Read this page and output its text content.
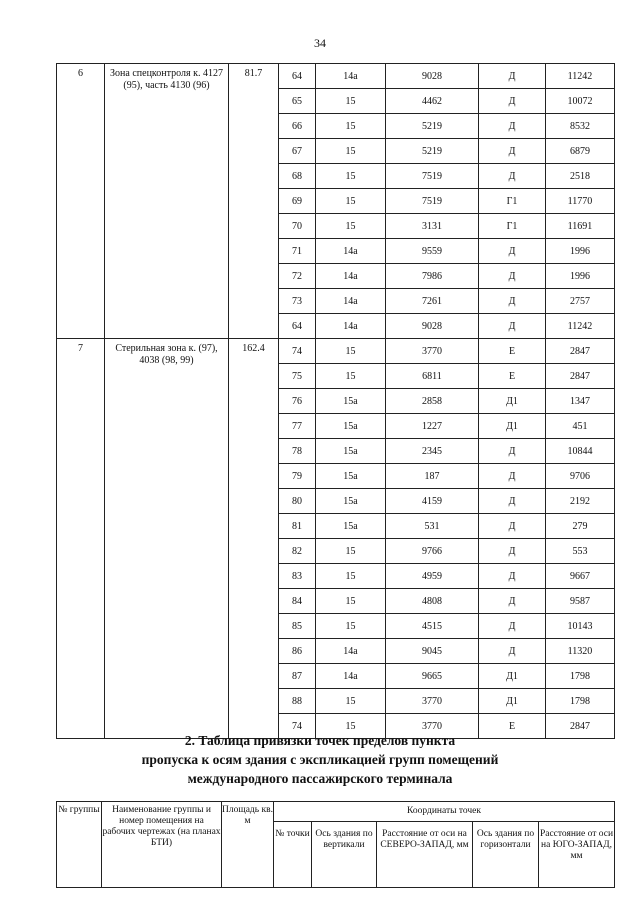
34
6	Зона спецконтроля к. 4127 (95), часть 4130 (96)	81.7	64	14a	9028	Д	11242
			65	15	4462	Д	10072
			66	15	5219	Д	8532
			67	15	5219	Д	6879
			68	15	7519	Д	2518
			69	15	7519	Г1	11770
			70	15	3131	Г1	11691
			71	14а	9559	Д	1996
			72	14а	7986	Д	1996
			73	14а	7261	Д	2757
			64	14а	9028	Д	11242
7	Стерильная зона к. (97), 4038 (98, 99)	162.4	74	15	3770	Е	2847
			75	15	6811	Е	2847
			76	15а	2858	Д1	1347
			77	15а	1227	Д1	451
			78	15а	2345	Д	10844
			79	15а	187	Д	9706
			80	15а	4159	Д	2192
			81	15а	531	Д	279
			82	15	9766	Д	553
			83	15	4959	Д	9667
			84	15	4808	Д	9587
			85	15	4515	Д	10143
			86	14а	9045	Д	11320
			87	14а	9665	Д1	1798
			88	15	3770	Д1	1798
			74	15	3770	Е	2847
2. Таблица привязки точек пределов пункта
пропуска к осям здания с экспликацией групп помещений
международного пассажирского терминала
№ группы	Наименование группы и номер помещения на рабочих чертежах (на планах БТИ)	Площадь кв. м	Координаты точек				
			№ точки	Ось здания по вертикали	Расстояние от оси на СЕВЕРО-ЗАПАД, мм	Ось здания по горизонтали	Расстояние от оси на ЮГО-ЗАПАД, мм
